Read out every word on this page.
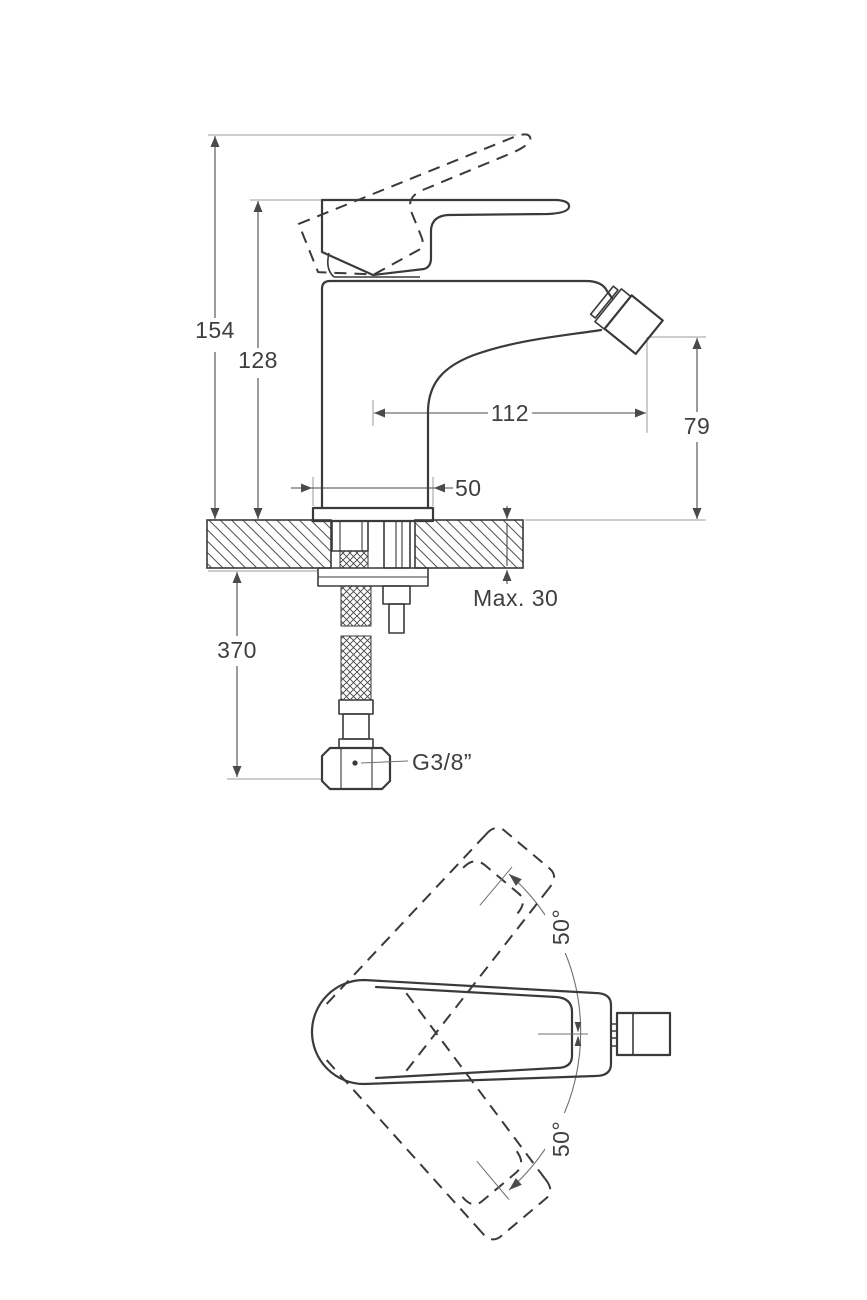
154
128
112	79
50
Max. 30
370
G3/8”
50°
50°
